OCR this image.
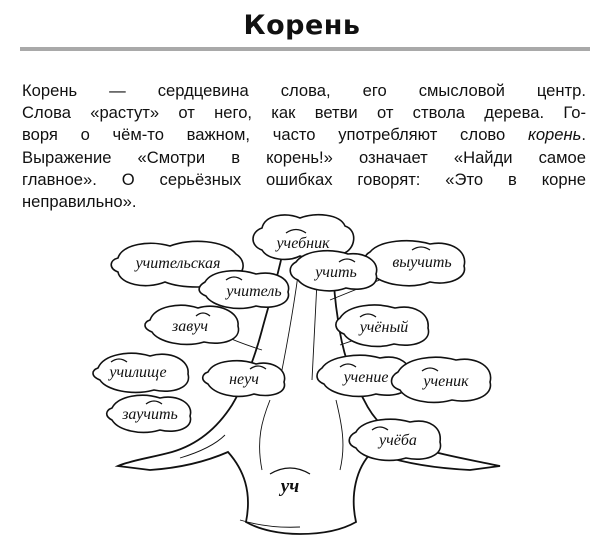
Корень

Корень — сердцевина слова, его смысловой центр.
Слова «растут» от него, как ветви от ствола дерева. Го-
воря о чём-то важном, часто употребляют слово корень.
Выражение «Смотри в корень!» означает «Найди самое
главное». О серьёзных ошибках говорят: «Это в корне
неправильно».

учебник
учительская	выучить
учить
учитель
завуч	учёный
училище	неуч	учение ученик
заучить
учёба
уч
